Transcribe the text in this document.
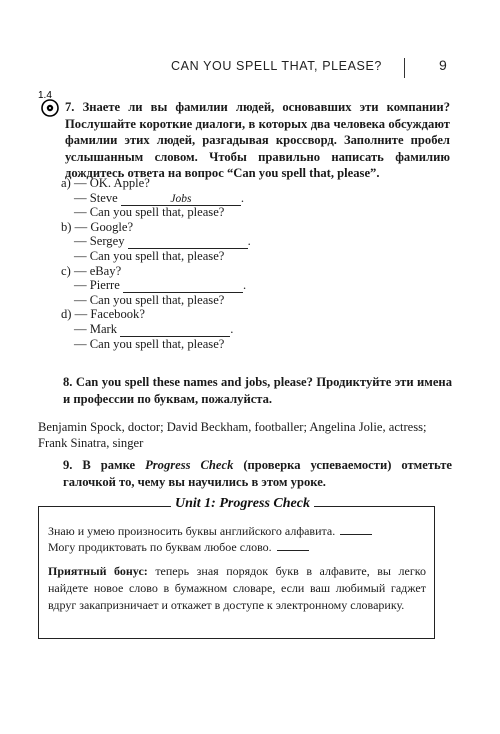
CAN YOU SPELL THAT, PLEASE?	9
1.4
7. Знаете ли вы фамилии людей, основавших эти компании? Послушайте короткие диалоги, в которых два человека обсуждают фамилии этих людей, разгадывая кроссворд. Заполните пробел услышанным словом. Чтобы правильно написать фамилию дождитесь ответа на вопрос “Can you spell that, please”.
a) — OK. Apple?
— Steve	Jobs	.
— Can you spell that, please?
b) — Google?
— Sergey	.
— Can you spell that, please?
c) — eBay?
— Pierre	.
— Can you spell that, please?
d) — Facebook?
— Mark	.
— Can you spell that, please?
8. Can you spell these names and jobs, please? Продиктуйте эти имена и профессии по буквам, пожалуйста.
Benjamin Spock, doctor; David Beckham, footballer; Angelina Jolie, actress; Frank Sinatra, singer
9. В рамке Progress Check (проверка успеваемости) отметьте галочкой то, чему вы научились в этом уроке.
Unit 1: Progress Check
Знаю и умею произносить буквы английского алфавита.
Могу продиктовать по буквам любое слово.
Приятный бонус: теперь зная порядок букв в алфавите, вы легко найдете новое слово в бумажном словаре, если ваш любимый гаджет вдруг закапризничает и откажет в доступе к электронному словарику.
